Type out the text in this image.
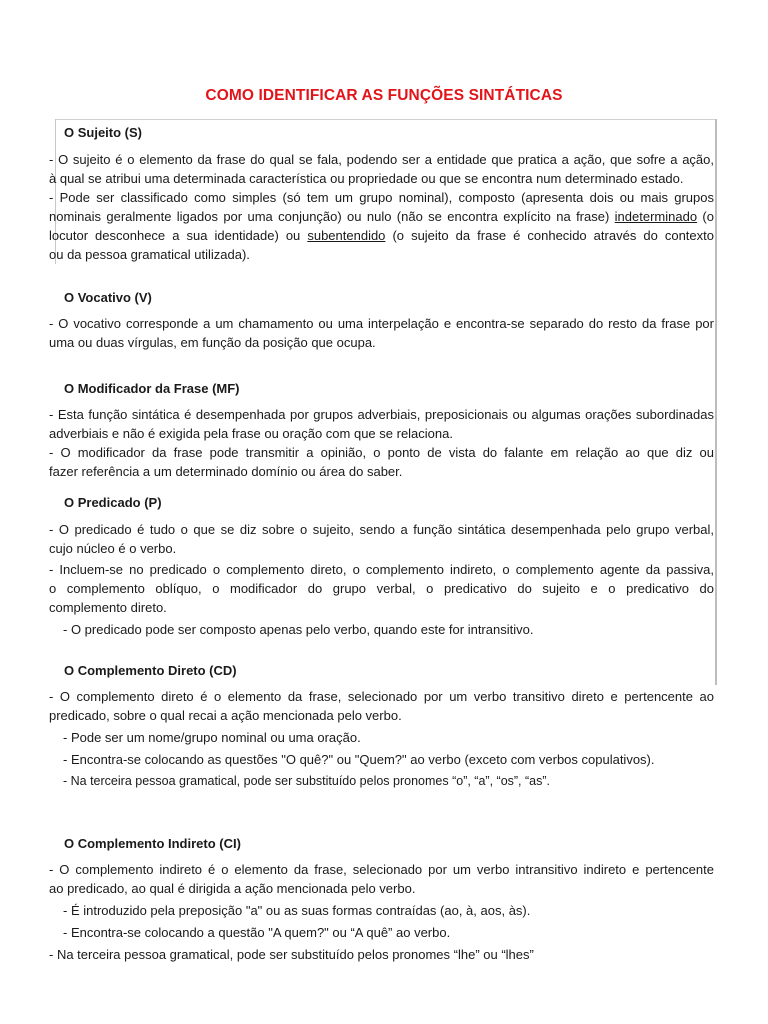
COMO IDENTIFICAR AS FUNÇÕES SINTÁTICAS
O Sujeito (S)
- O sujeito é o elemento da frase do qual se fala, podendo ser a entidade que pratica a ação, que sofre a ação,
à qual se atribui uma determinada característica ou propriedade ou que se encontra num determinado estado.
- Pode ser classificado como simples (só tem um grupo nominal), composto (apresenta dois ou mais grupos
nominais geralmente ligados por uma conjunção) ou nulo (não se encontra explícito na frase) indeterminado (o
locutor desconhece a sua identidade) ou subentendido (o sujeito da frase é conhecido através do contexto
ou da pessoa gramatical utilizada).
O Vocativo (V)
- O vocativo corresponde a um chamamento ou uma interpelação e encontra-se separado do resto da frase por
uma ou duas vírgulas, em função da posição que ocupa.
O Modificador da Frase (MF)
- Esta função sintática é desempenhada por grupos adverbiais, preposicionais ou algumas orações subordinadas
adverbiais e não é exigida pela frase ou oração com que se relaciona.
- O modificador da frase pode transmitir a opinião, o ponto de vista do falante em relação ao que diz ou
fazer referência a um determinado domínio ou área do saber.
O Predicado (P)
- O predicado é tudo o que se diz sobre o sujeito, sendo a função sintática desempenhada pelo grupo verbal,
cujo núcleo é o verbo.
- Incluem-se no predicado o complemento direto, o complemento indireto, o complemento agente da passiva,
o complemento oblíquo, o modificador do grupo verbal, o predicativo do sujeito e o predicativo do
complemento direto.
- O predicado pode ser composto apenas pelo verbo, quando este for intransitivo.
O Complemento Direto (CD)
- O complemento direto é o elemento da frase, selecionado por um verbo transitivo direto e pertencente ao
predicado, sobre o qual recai a ação mencionada pelo verbo.
- Pode ser um nome/grupo nominal ou uma oração.
- Encontra-se colocando as questões "O quê?" ou "Quem?" ao verbo (exceto com verbos copulativos).
- Na terceira pessoa gramatical, pode ser substituído pelos pronomes “o”, “a”, “os”, “as”.
O Complemento Indireto (CI)
- O complemento indireto é o elemento da frase, selecionado por um verbo intransitivo indireto e pertencente
ao predicado, ao qual é dirigida a ação mencionada pelo verbo.
- É introduzido pela preposição "a" ou as suas formas contraídas (ao, à, aos, às).
- Encontra-se colocando a questão "A quem?" ou “A quê” ao verbo.
- Na terceira pessoa gramatical, pode ser substituído pelos pronomes “lhe” ou “lhes”
